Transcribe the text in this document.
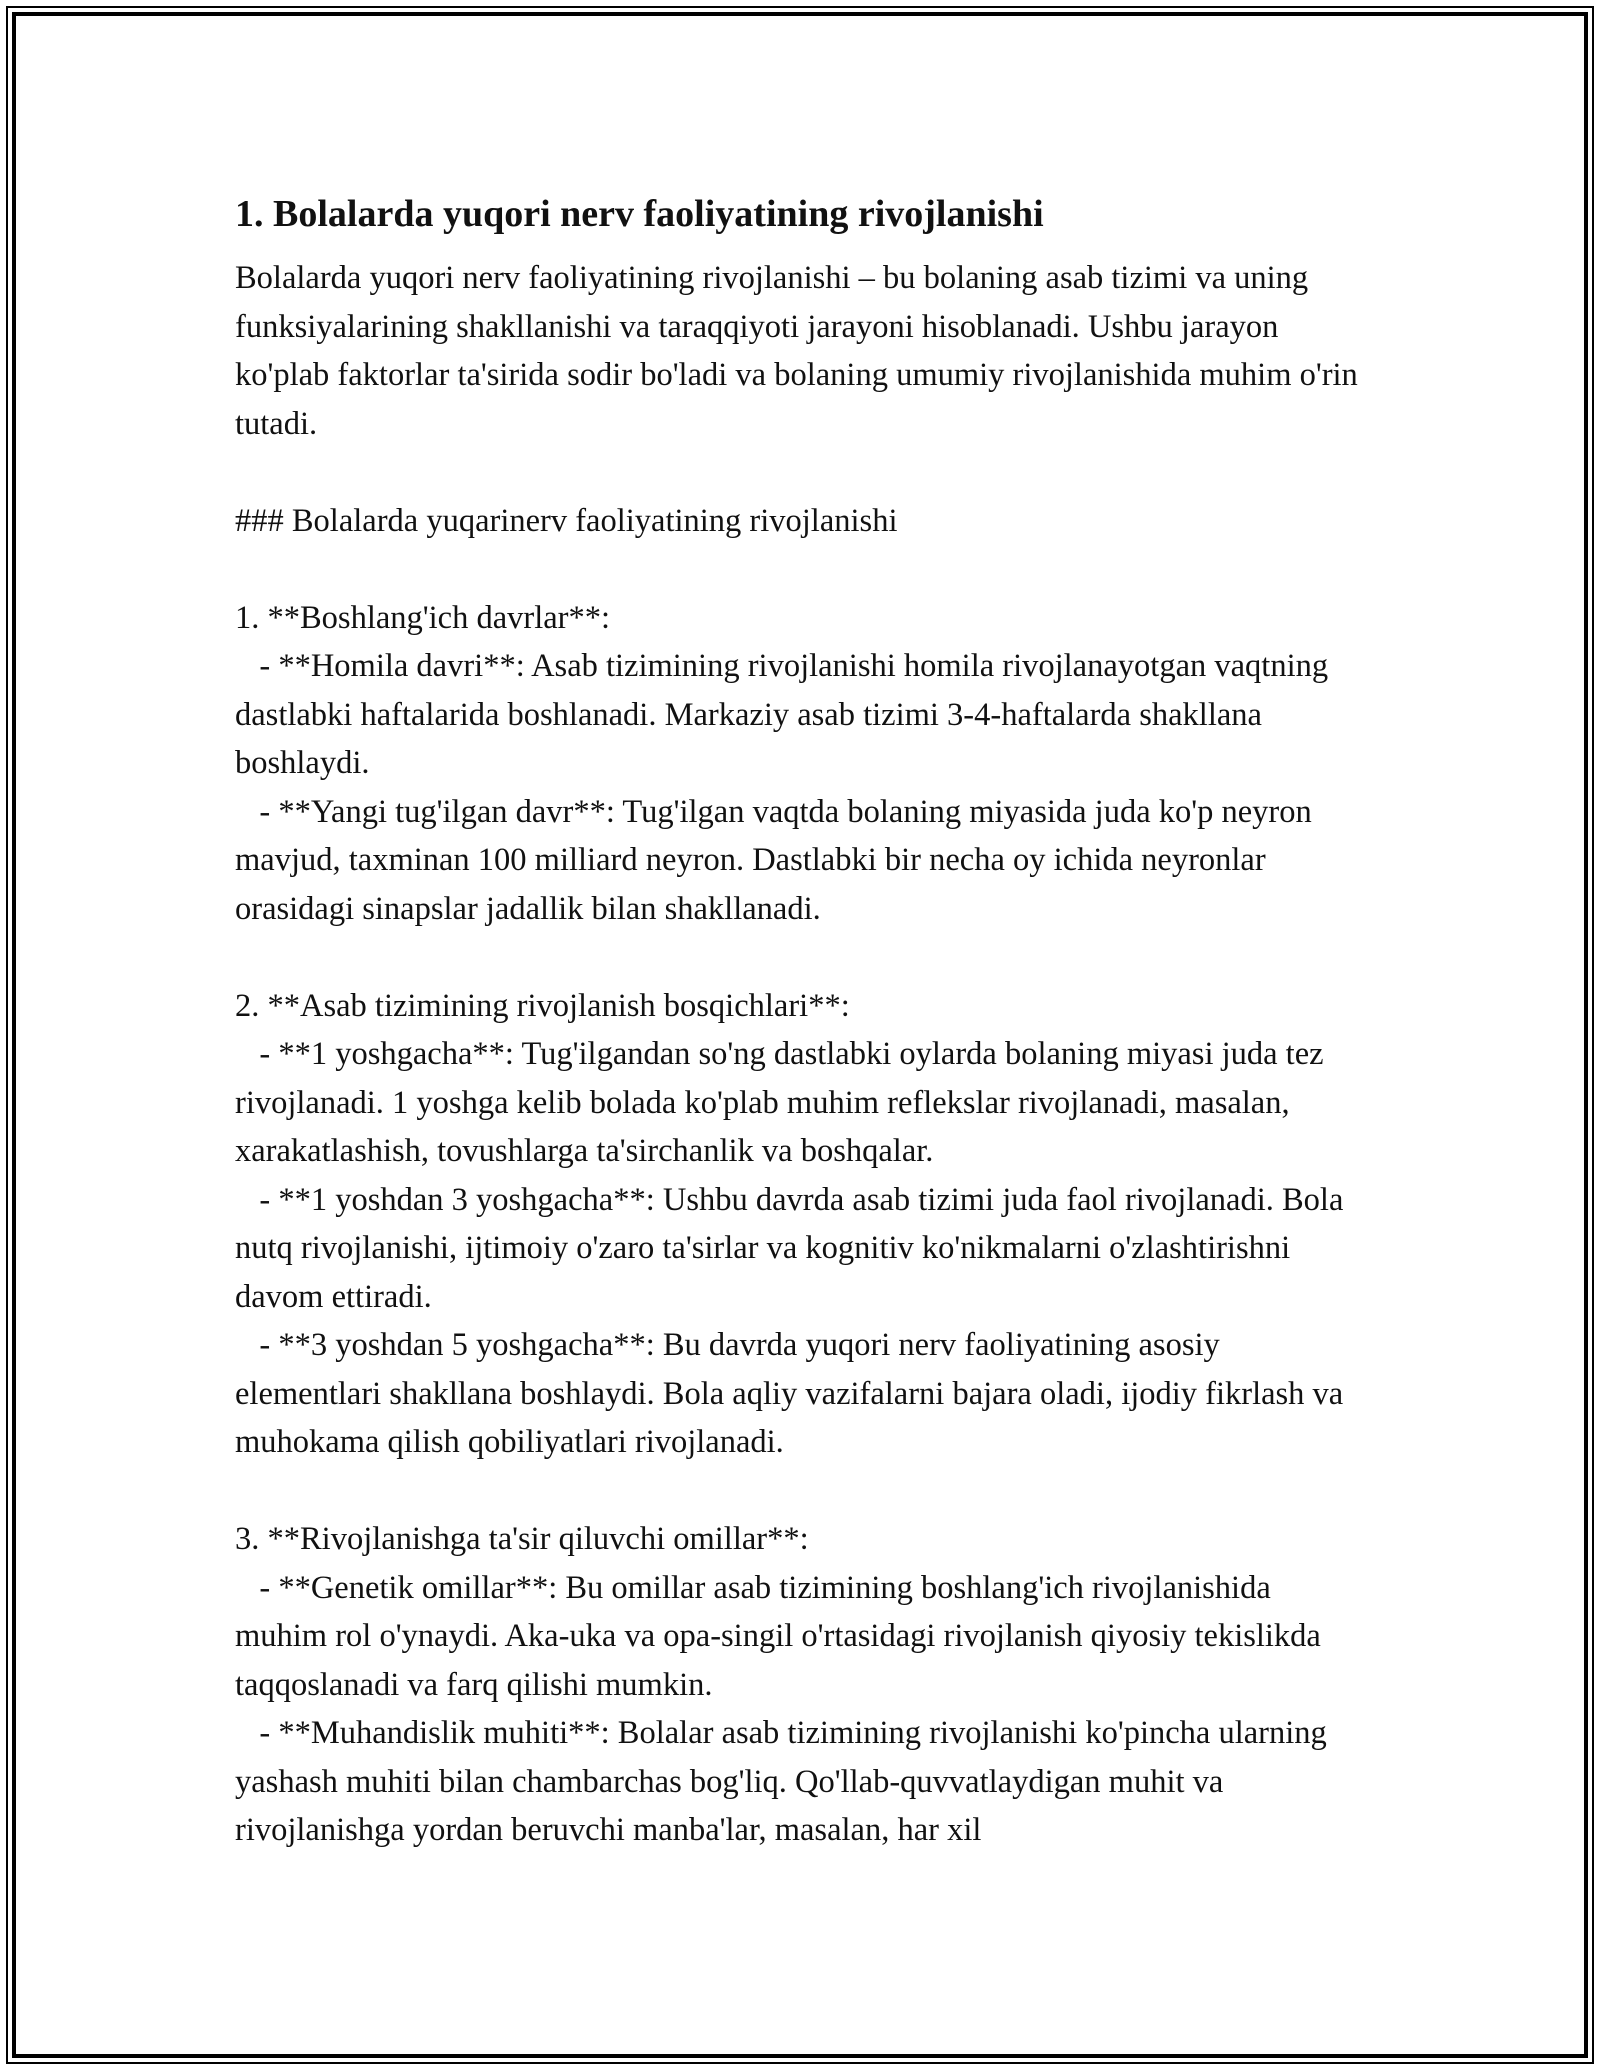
1. Bolalarda yuqori nerv faoliyatining rivojlanishi
Bolalarda yuqori nerv faoliyatining rivojlanishi – bu bolaning asab tizimi va uning funksiyalarining shakllanishi va taraqqiyoti jarayoni hisoblanadi. Ushbu jarayon ko'plab faktorlar ta'sirida sodir bo'ladi va bolaning umumiy rivojlanishida muhim o'rin tutadi.

### Bolalarda yuqarinerv faoliyatining rivojlanishi

1. **Boshlang'ich davrlar**:
- **Homila davri**: Asab tizimining rivojlanishi homila rivojlanayotgan vaqtning dastlabki haftalarida boshlanadi. Markaziy asab tizimi 3-4-haftalarda shakllana boshlaydi.
- **Yangi tug'ilgan davr**: Tug'ilgan vaqtda bolaning miyasida juda ko'p neyron mavjud, taxminan 100 milliard neyron. Dastlabki bir necha oy ichida neyronlar orasidagi sinapslar jadallik bilan shakllanadi.

2. **Asab tizimining rivojlanish bosqichlari**:
- **1 yoshgacha**: Tug'ilgandan so'ng dastlabki oylarda bolaning miyasi juda tez rivojlanadi. 1 yoshga kelib bolada ko'plab muhim reflekslar rivojlanadi, masalan, xarakatlashish, tovushlarga ta'sirchanlik va boshqalar.
- **1 yoshdan 3 yoshgacha**: Ushbu davrda asab tizimi juda faol rivojlanadi. Bola nutq rivojlanishi, ijtimoiy o'zaro ta'sirlar va kognitiv ko'nikmalarni o'zlashtirishni davom ettiradi.
- **3 yoshdan 5 yoshgacha**: Bu davrda yuqori nerv faoliyatining asosiy elementlari shakllana boshlaydi. Bola aqliy vazifalarni bajara oladi, ijodiy fikrlash va muhokama qilish qobiliyatlari rivojlanadi.

3. **Rivojlanishga ta'sir qiluvchi omillar**:
- **Genetik omillar**: Bu omillar asab tizimining boshlang'ich rivojlanishida muhim rol o'ynaydi. Aka-uka va opa-singil o'rtasidagi rivojlanish qiyosiy tekislikda taqqoslanadi va farq qilishi mumkin.
- **Muhandislik muhiti**: Bolalar asab tizimining rivojlanishi ko'pincha ularning yashash muhiti bilan chambarchas bog'liq. Qo'llab-quvvatlaydigan muhit va rivojlanishga yordan beruvchi manba'lar, masalan, har xil
